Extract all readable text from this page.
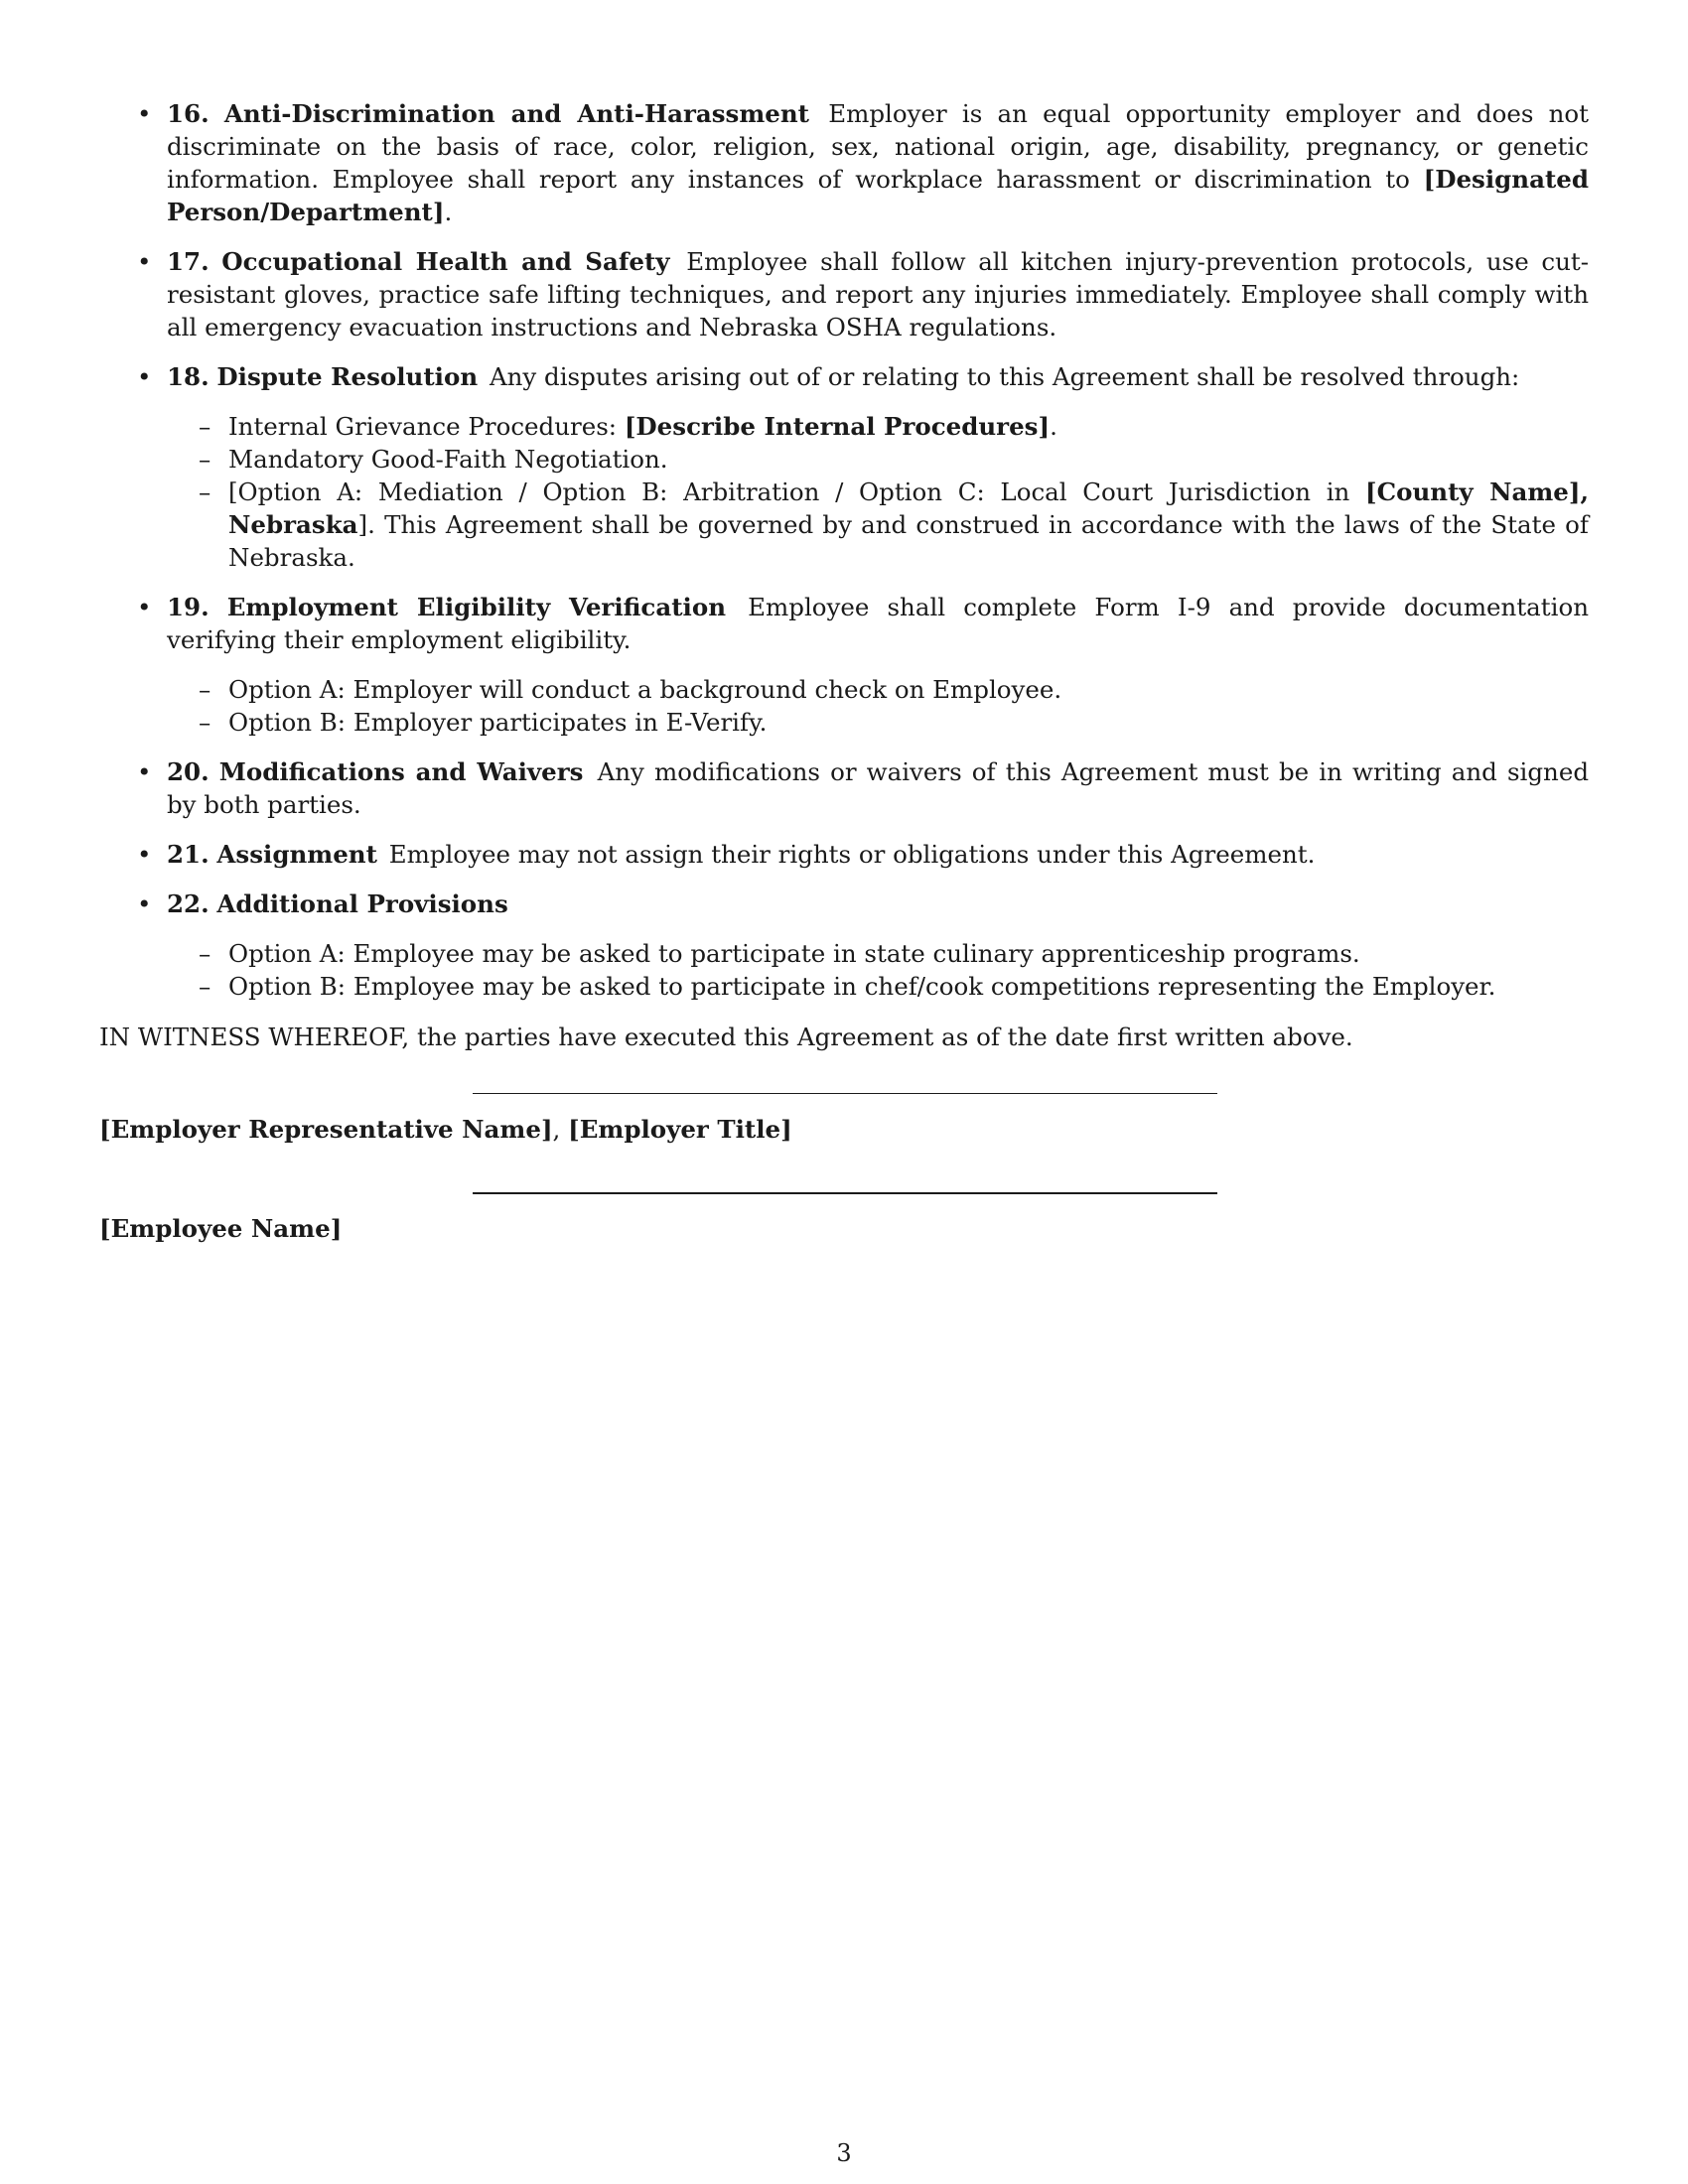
• 16. Anti-Discrimination and Anti-Harassment Employer is an equal opportunity employer and does not discriminate on the basis of race, color, religion, sex, national origin, age, disability, pregnancy, or genetic information. Employee shall report any instances of workplace harassment or discrimination to [Designated Person/Department].
• 17. Occupational Health and Safety Employee shall follow all kitchen injury-prevention protocols, use cut-resistant gloves, practice safe lifting techniques, and report any injuries immediately. Employee shall comply with all emergency evacuation instructions and Nebraska OSHA regulations.
• 18. Dispute Resolution Any disputes arising out of or relating to this Agreement shall be resolved through:
– Internal Grievance Procedures: [Describe Internal Procedures].
– Mandatory Good-Faith Negotiation.
– [Option A: Mediation / Option B: Arbitration / Option C: Local Court Jurisdiction in [County Name], Nebraska]. This Agreement shall be governed by and construed in accordance with the laws of the State of Nebraska.
• 19. Employment Eligibility Verification Employee shall complete Form I-9 and provide documentation verifying their employment eligibility.
– Option A: Employer will conduct a background check on Employee.
– Option B: Employer participates in E-Verify.
• 20. Modifications and Waivers Any modifications or waivers of this Agreement must be in writing and signed by both parties.
• 21. Assignment Employee may not assign their rights or obligations under this Agreement.
• 22. Additional Provisions
– Option A: Employee may be asked to participate in state culinary apprenticeship programs.
– Option B: Employee may be asked to participate in chef/cook competitions representing the Employer.
IN WITNESS WHEREOF, the parties have executed this Agreement as of the date first written above.
[Employer Representative Name], [Employer Title]
[Employee Name]
3
